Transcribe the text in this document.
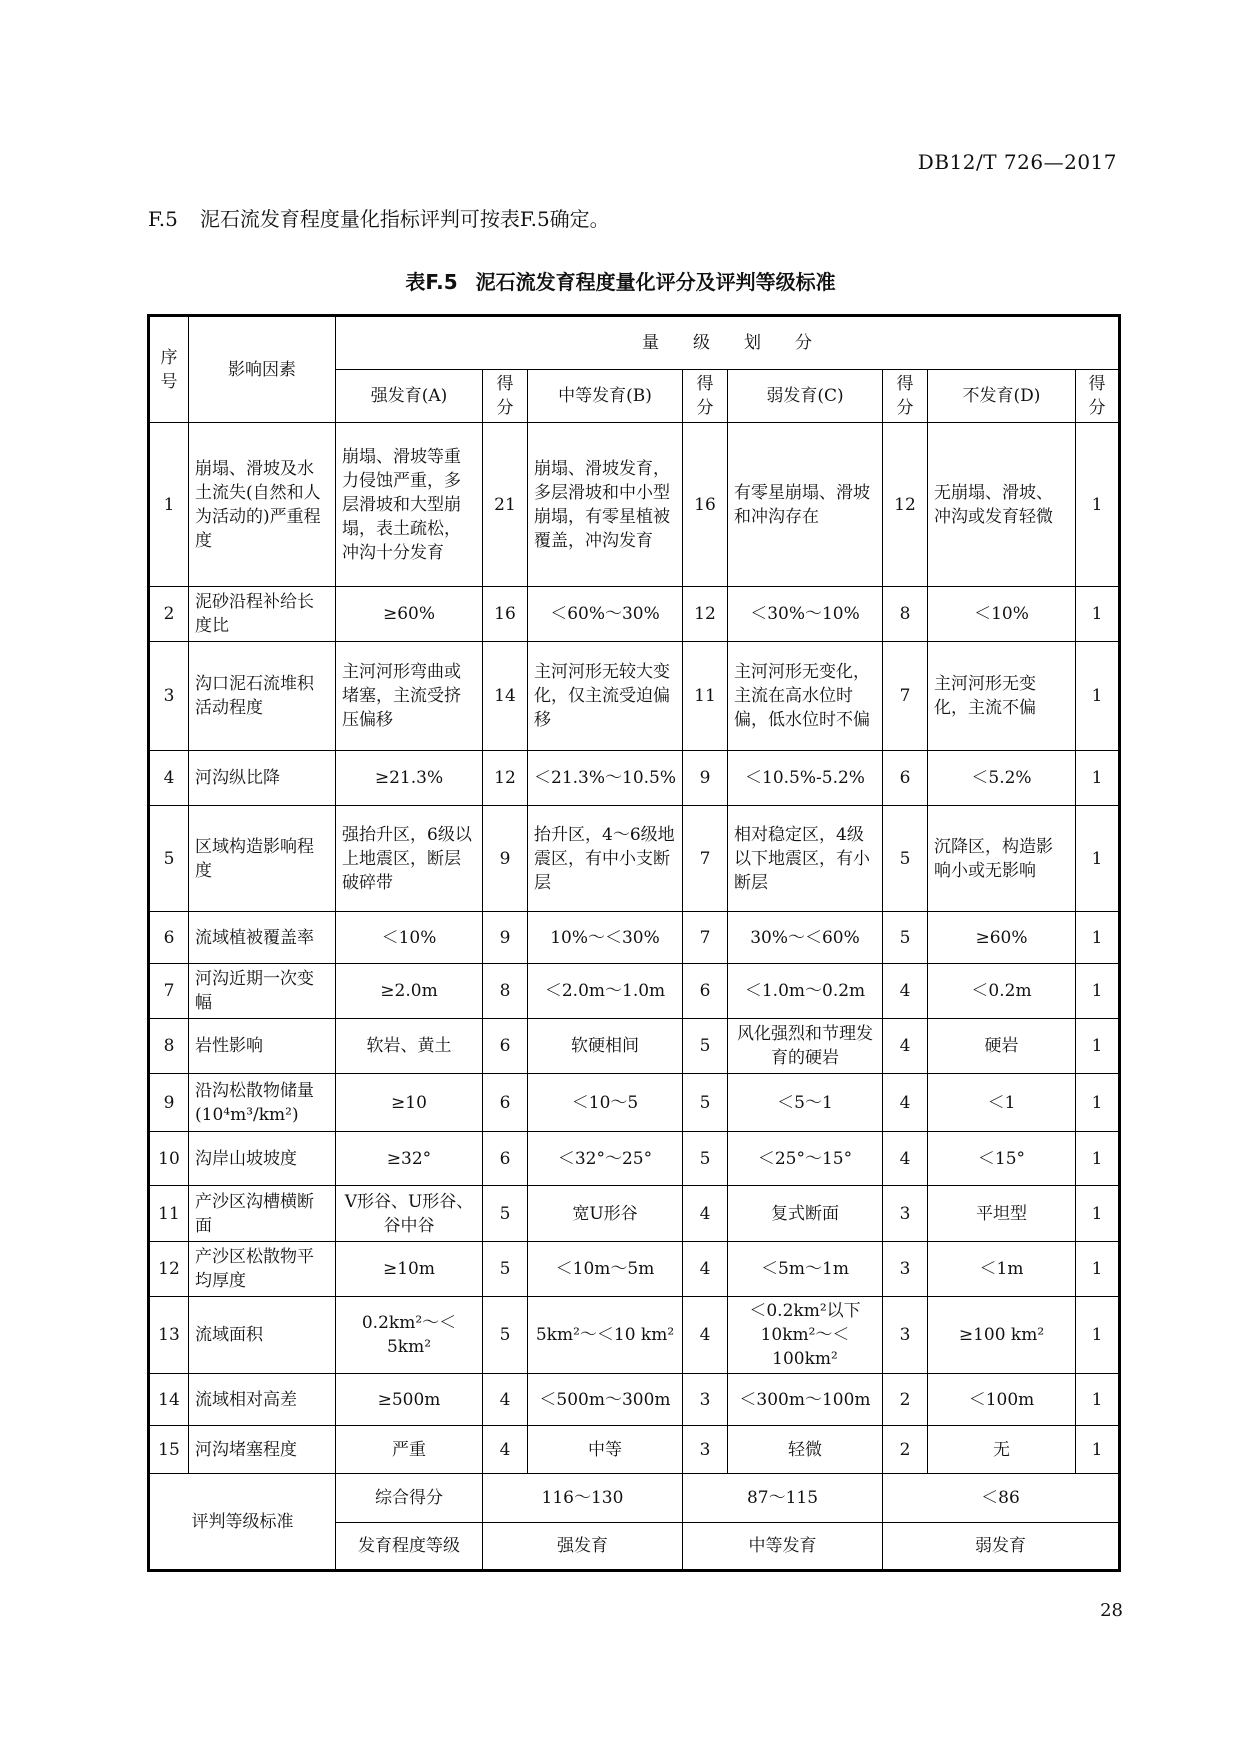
DB12/T 726—2017
F.5 泥石流发育程度量化指标评判可按表F.5确定。
表F.5 泥石流发育程度量化评分及评判等级标准
序号	影响因素	量　　级　　划　　分							
		强发育(A)	得分	中等发育(B)	得分	弱发育(C)	得分	不发育(D)	得分
1	崩塌、滑坡及水土流失(自然和人为活动的)严重程度	崩塌、滑坡等重力侵蚀严重，多层滑坡和大型崩塌，表土疏松，冲沟十分发育	21	崩塌、滑坡发育，多层滑坡和中小型崩塌，有零星植被覆盖，冲沟发育	16	有零星崩塌、滑坡和冲沟存在	12	无崩塌、滑坡、冲沟或发育轻微	1
2	泥砂沿程补给长度比	≥60%	16	＜60%～30%	12	＜30%～10%	8	＜10%	1
3	沟口泥石流堆积活动程度	主河河形弯曲或堵塞，主流受挤压偏移	14	主河河形无较大变化，仅主流受迫偏移	11	主河河形无变化，主流在高水位时偏，低水位时不偏	7	主河河形无变化，主流不偏	1
4	河沟纵比降	≥21.3%	12	＜21.3%～10.5%	9	＜10.5%-5.2%	6	＜5.2%	1
5	区域构造影响程度	强抬升区，6级以上地震区，断层破碎带	9	抬升区，4～6级地震区，有中小支断层	7	相对稳定区，4级以下地震区，有小断层	5	沉降区，构造影响小或无影响	1
6	流域植被覆盖率	＜10%	9	10%～＜30%	7	30%～＜60%	5	≥60%	1
7	河沟近期一次变幅	≥2.0m	8	＜2.0m～1.0m	6	＜1.0m～0.2m	4	＜0.2m	1
8	岩性影响	软岩、黄土	6	软硬相间	5	风化强烈和节理发育的硬岩	4	硬岩	1
9	沿沟松散物储量(10⁴m³/km²)	≥10	6	＜10～5	5	＜5～1	4	＜1	1
10	沟岸山坡坡度	≥32°	6	＜32°～25°	5	＜25°～15°	4	＜15°	1
11	产沙区沟槽横断面	V形谷、U形谷、谷中谷	5	宽U形谷	4	复式断面	3	平坦型	1
12	产沙区松散物平均厚度	≥10m	5	＜10m～5m	4	＜5m～1m	3	＜1m	1
13	流域面积	0.2km²～＜5km²	5	5km²～＜10 km²	4	＜0.2km²以下 10km²～＜100km²	3	≥100 km²	1
14	流域相对高差	≥500m	4	＜500m～300m	3	＜300m～100m	2	＜100m	1
15	河沟堵塞程度	严重	4	中等	3	轻微	2	无	1
评判等级标准		综合得分	116～130		87～115		＜86		
		发育程度等级	强发育		中等发育		弱发育		
28
